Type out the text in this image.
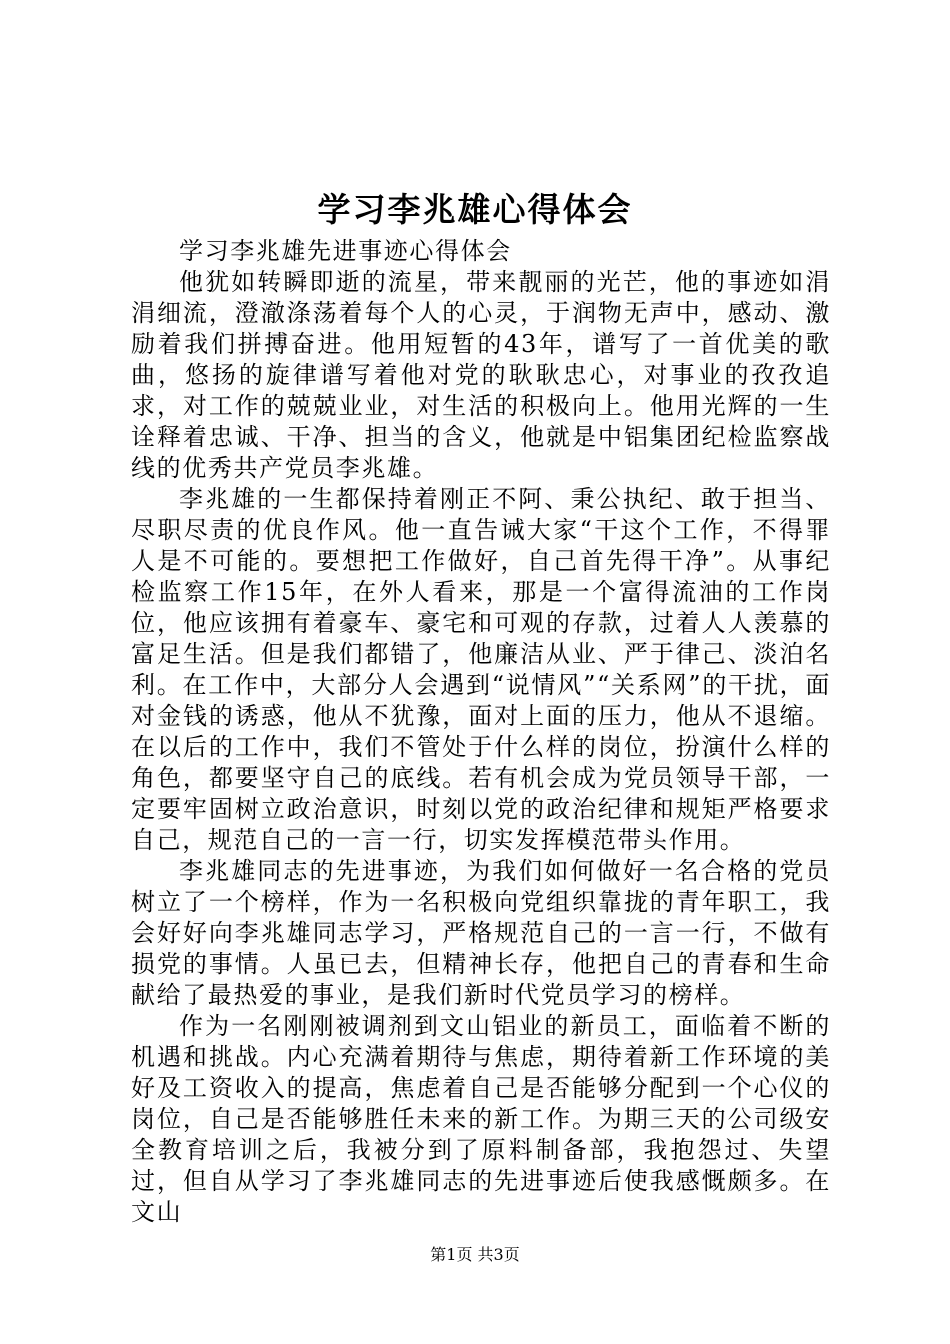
学习李兆雄心得体会

学习李兆雄先进事迹心得体会

他犹如转瞬即逝的流星，带来靓丽的光芒，他的事迹如涓涓细流，澄澈涤荡着每个人的心灵，于润物无声中，感动、激励着我们拼搏奋进。他用短暂的43年，谱写了一首优美的歌曲，悠扬的旋律谱写着他对党的耿耿忠心，对事业的孜孜追求，对工作的兢兢业业，对生活的积极向上。他用光辉的一生诠释着忠诚、干净、担当的含义，他就是中铝集团纪检监察战线的优秀共产党员李兆雄。

李兆雄的一生都保持着刚正不阿、秉公执纪、敢于担当、尽职尽责的优良作风。他一直告诫大家“干这个工作，不得罪人是不可能的。要想把工作做好，自己首先得干净”。从事纪检监察工作15年，在外人看来，那是一个富得流油的工作岗位，他应该拥有着豪车、豪宅和可观的存款，过着人人羡慕的富足生活。但是我们都错了，他廉洁从业、严于律己、淡泊名利。在工作中，大部分人会遇到“说情风”“关系网”的干扰，面对金钱的诱惑，他从不犹豫，面对上面的压力，他从不退缩。在以后的工作中，我们不管处于什么样的岗位，扮演什么样的角色，都要坚守自己的底线。若有机会成为党员领导干部，一定要牢固树立政治意识，时刻以党的政治纪律和规矩严格要求自己，规范自己的一言一行，切实发挥模范带头作用。

李兆雄同志的先进事迹，为我们如何做好一名合格的党员树立了一个榜样，作为一名积极向党组织靠拢的青年职工，我会好好向李兆雄同志学习，严格规范自己的一言一行，不做有损党的事情。人虽已去，但精神长存，他把自己的青春和生命献给了最热爱的事业，是我们新时代党员学习的榜样。

作为一名刚刚被调剂到文山铝业的新员工，面临着不断的机遇和挑战。内心充满着期待与焦虑，期待着新工作环境的美好及工资收入的提高，焦虑着自己是否能够分配到一个心仪的岗位，自己是否能够胜任未来的新工作。为期三天的公司级安全教育培训之后，我被分到了原料制备部，我抱怨过、失望过，但自从学习了李兆雄同志的先进事迹后使我感慨颇多。在文山

第1页 共3页
